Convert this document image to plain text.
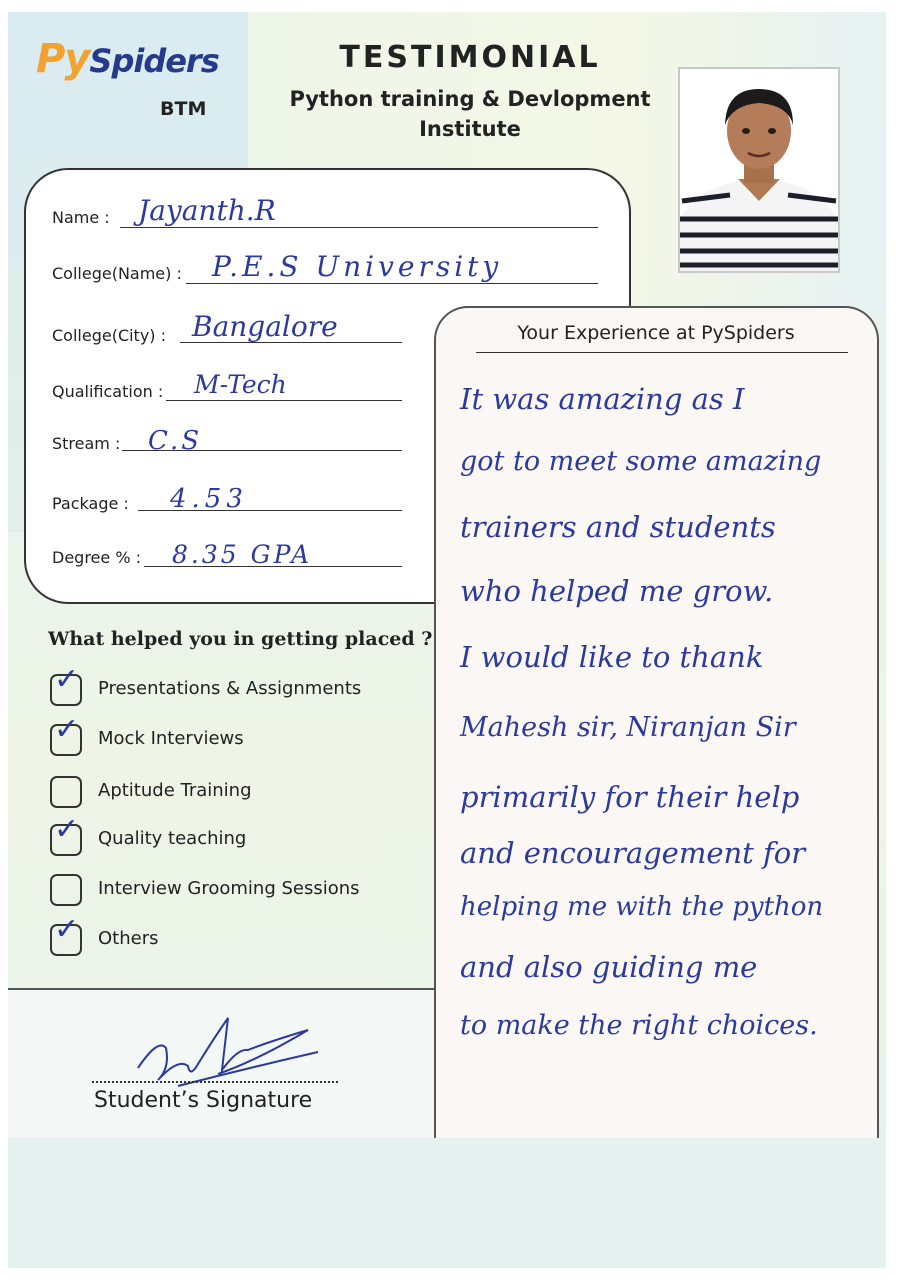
PySpiders
BTM
TESTIMONIAL
Python training & Devlopment
Institute
Name : Jayanth.R
College(Name) : P.E.S University
College(City) : Bangalore
Qualification : M-Tech
Stream : C.S
Package : 4.53
Degree % : 8.35 GPA
What helped you in getting placed ?
✓ Presentations & Assignments
✓ Mock Interviews
Aptitude Training
✓ Quality teaching
Interview Grooming Sessions
✓ Others
Student’s Signature
Your Experience at PySpiders
It was amazing as I
got to meet some amazing
trainers and students
who helped me grow.
I would like to thank
Mahesh sir, Niranjan Sir
primarily for their help
and encouragement for
helping me with the python
and also guiding me
to make the right choices.
